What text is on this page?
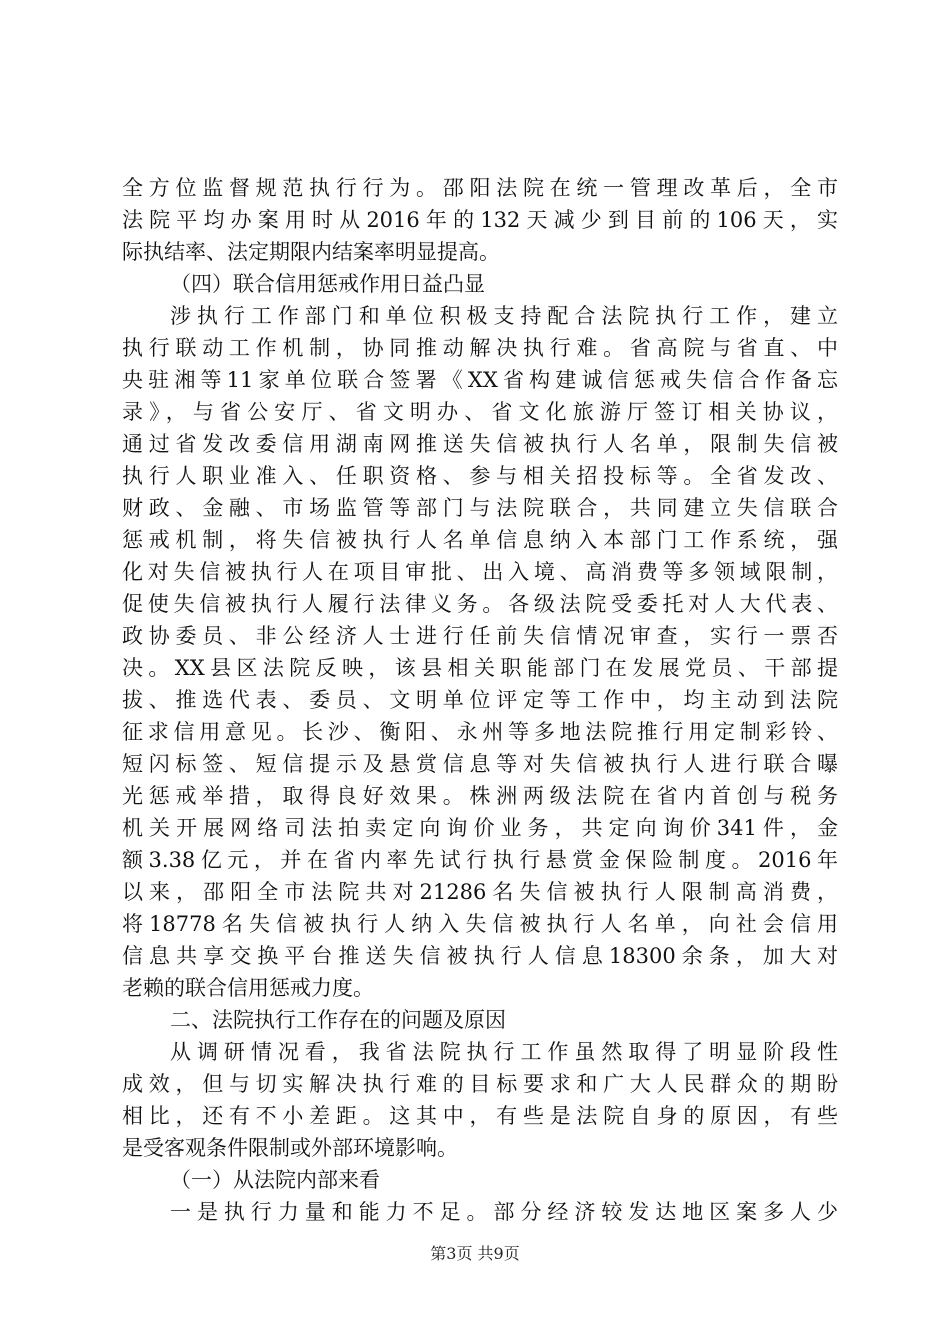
全方位监督规范执行行为。邵阳法院在统一管理改革后，全市
法院平均办案用时从2016年的132天减少到目前的106天，实
际执结率、法定期限内结案率明显提高。
（四）联合信用惩戒作用日益凸显
涉执行工作部门和单位积极支持配合法院执行工作，建立
执行联动工作机制，协同推动解决执行难。省高院与省直、中
央驻湘等11家单位联合签署《XX省构建诚信惩戒失信合作备忘
录》，与省公安厅、省文明办、省文化旅游厅签订相关协议，
通过省发改委信用湖南网推送失信被执行人名单，限制失信被
执行人职业准入、任职资格、参与相关招投标等。全省发改、
财政、金融、市场监管等部门与法院联合，共同建立失信联合
惩戒机制，将失信被执行人名单信息纳入本部门工作系统，强
化对失信被执行人在项目审批、出入境、高消费等多领域限制，
促使失信被执行人履行法律义务。各级法院受委托对人大代表、
政协委员、非公经济人士进行任前失信情况审查，实行一票否
决。XX县区法院反映，该县相关职能部门在发展党员、干部提
拔、推选代表、委员、文明单位评定等工作中，均主动到法院
征求信用意见。长沙、衡阳、永州等多地法院推行用定制彩铃、
短闪标签、短信提示及悬赏信息等对失信被执行人进行联合曝
光惩戒举措，取得良好效果。株洲两级法院在省内首创与税务
机关开展网络司法拍卖定向询价业务，共定向询价341件，金
额3.38亿元，并在省内率先试行执行悬赏金保险制度。2016年
以来，邵阳全市法院共对21286名失信被执行人限制高消费，
将18778名失信被执行人纳入失信被执行人名单，向社会信用
信息共享交换平台推送失信被执行人信息18300余条，加大对
老赖的联合信用惩戒力度。
二、法院执行工作存在的问题及原因
从调研情况看，我省法院执行工作虽然取得了明显阶段性
成效，但与切实解决执行难的目标要求和广大人民群众的期盼
相比，还有不小差距。这其中，有些是法院自身的原因，有些
是受客观条件限制或外部环境影响。
（一）从法院内部来看
一是执行力量和能力不足。部分经济较发达地区案多人少
第3页 共9页
